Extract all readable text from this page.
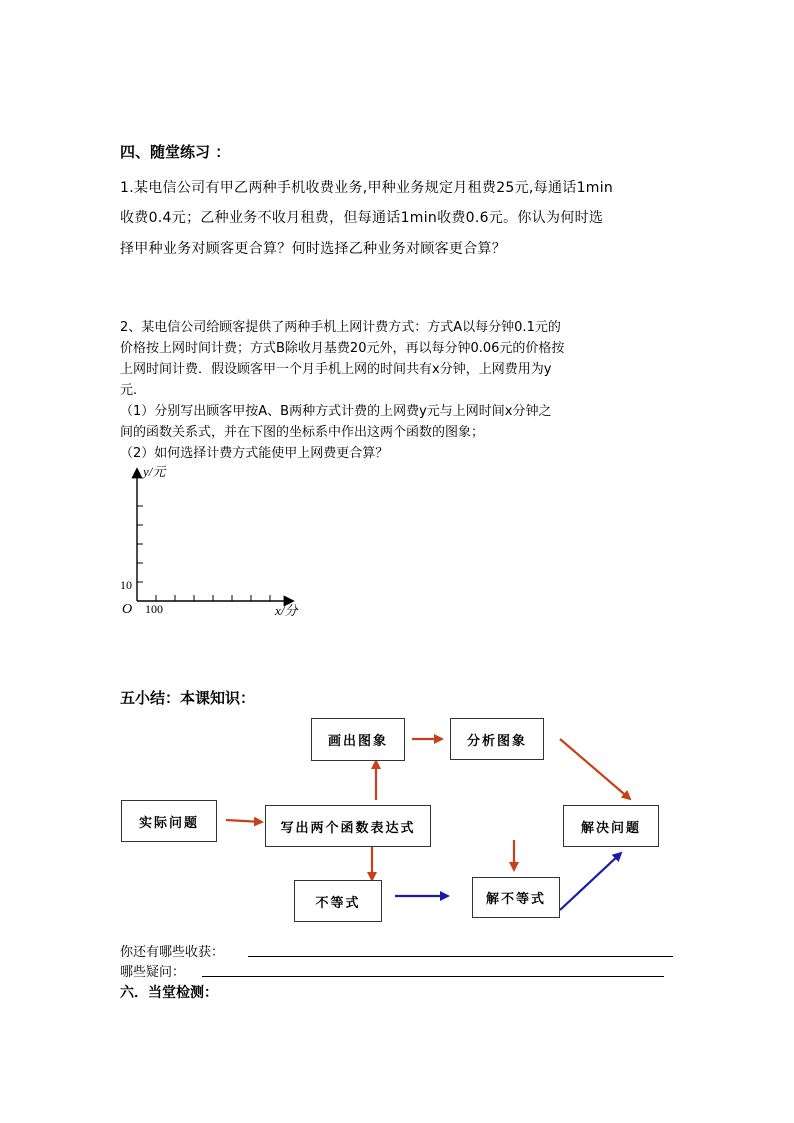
四、随堂练习 ：
1.某电信公司有甲乙两种手机收费业务,甲种业务规定月租费25元,每通话1min
收费0.4元；乙种业务不收月租费，但每通话1min收费0.6元。你认为何时选
择甲种业务对顾客更合算？何时选择乙种业务对顾客更合算？
2、某电信公司给顾客提供了两种手机上网计费方式：方式A以每分钟0.1元的
价格按上网时间计费；方式B除收月基费20元外，再以每分钟0.06元的价格按
上网时间计费．假设顾客甲一个月手机上网的时间共有x分钟，上网费用为y
元.
（1）分别写出顾客甲按A、B两种方式计费的上网费y元与上网时间x分钟之
间的函数关系式，并在下图的坐标系中作出这两个函数的图象；
（2）如何选择计费方式能使甲上网费更合算？
y/元
x/分
O
10
100
五小结：本课知识：
实际问题	写出两个函数表达式
画出图象	分析图象
解决问题
不等式	解不等式
你还有哪些收获：
哪些疑问：
六．当堂检测：
